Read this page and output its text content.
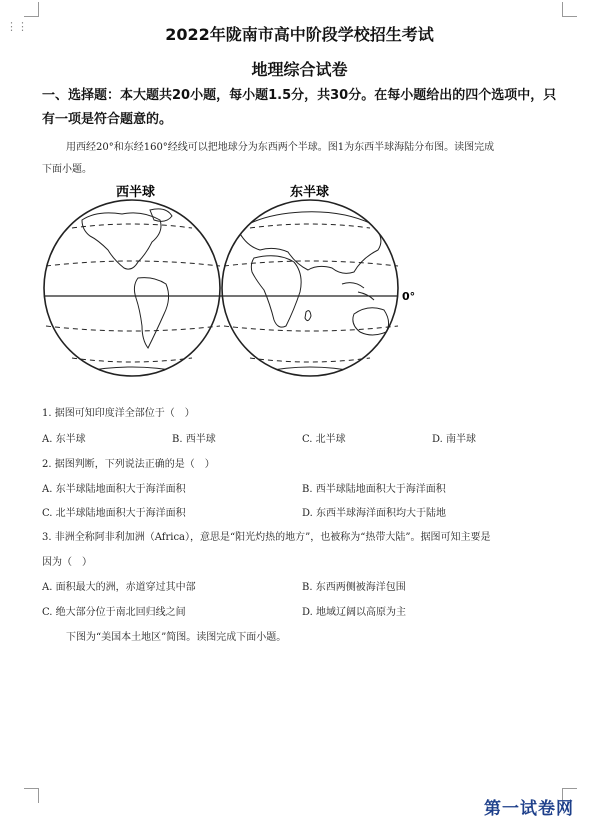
⋮⋮	2022年陇南市高中阶段学校招生考试
地理综合试卷
一、选择题：本大题共20小题，每小题1.5分，共30分。在每小题给出的四个选项中，只
有一项是符合题意的。
用西经20°和东经160°经线可以把地球分为东西两个半球。图1为东西半球海陆分布图。读图完成
下面小题。
西半球	东半球
0°
1. 据图可知印度洋全部位于（　）
A. 东半球	B. 西半球	C. 北半球	D. 南半球
2. 据图判断，下列说法正确的是（　）
A. 东半球陆地面积大于海洋面积	B. 西半球陆地面积大于海洋面积
C. 北半球陆地面积大于海洋面积	D. 东西半球海洋面积均大于陆地
3. 非洲全称阿非利加洲（Africa），意思是“阳光灼热的地方”，也被称为“热带大陆”。据图可知主要是
因为（　）
A. 面积最大的洲，赤道穿过其中部	B. 东西两侧被海洋包围
C. 绝大部分位于南北回归线之间	D. 地域辽阔以高原为主
下图为“美国本土地区”简图。读图完成下面小题。
第一试卷网
